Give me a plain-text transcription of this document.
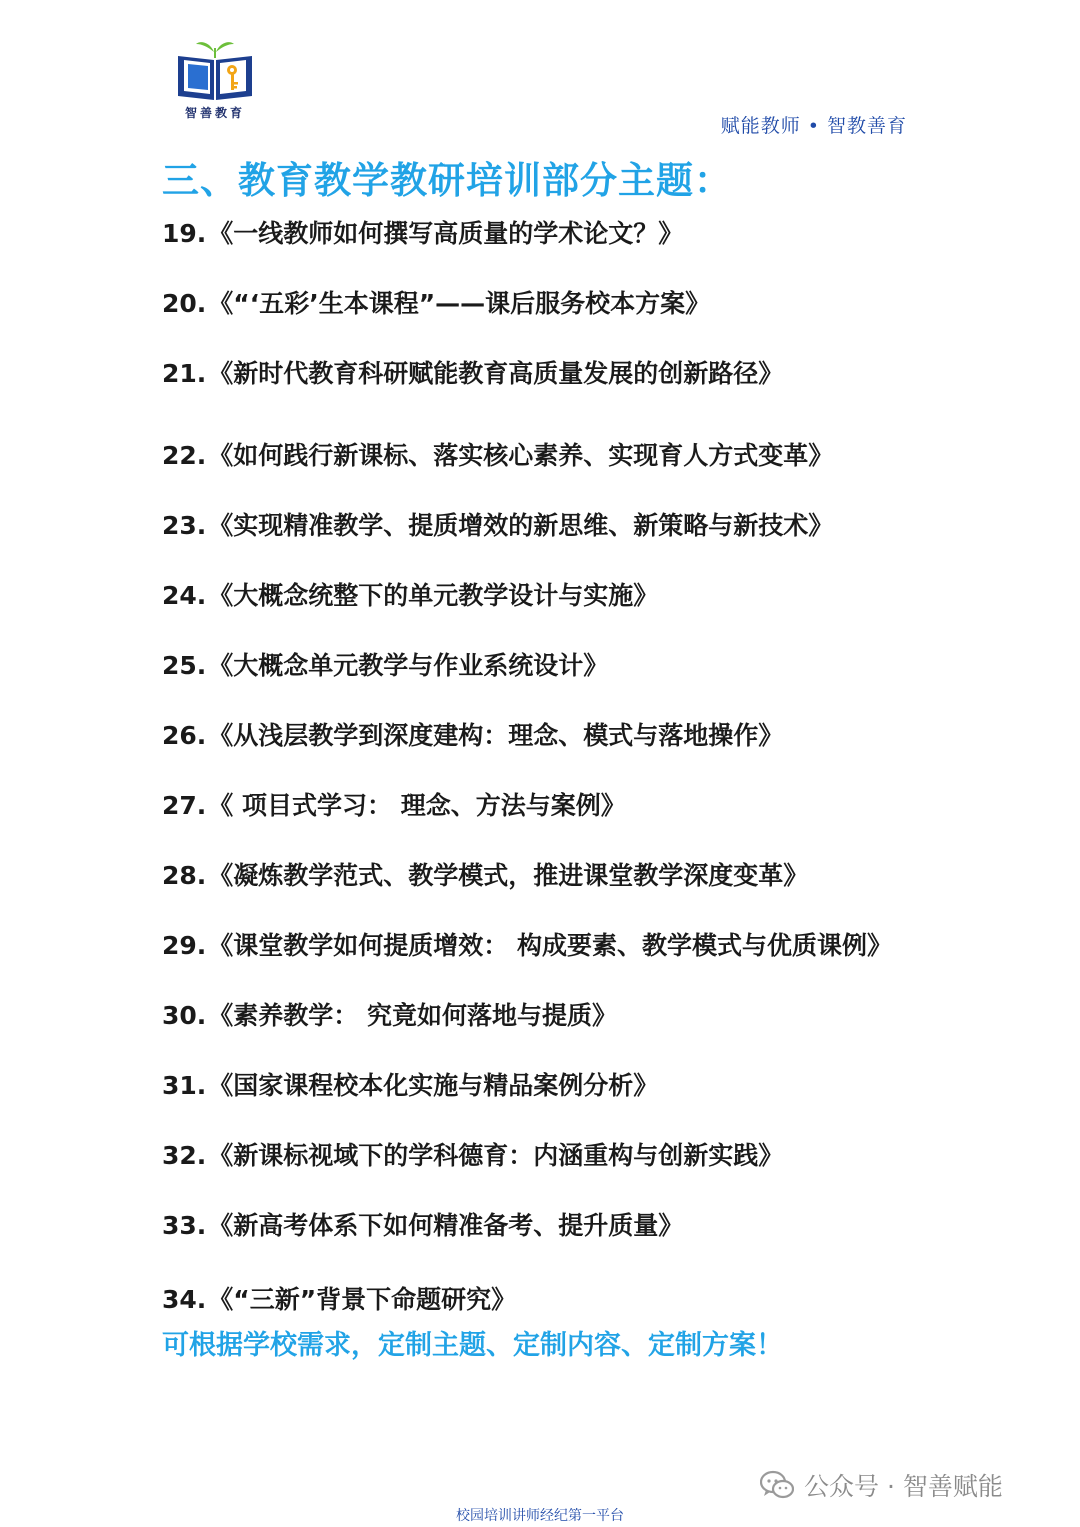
智善教育
赋能教师 • 智教善育
三、教育教学教研培训部分主题：
19.《一线教师如何撰写高质量的学术论文？》
20.《“‘五彩’生本课程”——课后服务校本方案》
21.《新时代教育科研赋能教育高质量发展的创新路径》
22.《如何践行新课标、落实核心素养、实现育人方式变革》
23.《实现精准教学、提质增效的新思维、新策略与新技术》
24.《大概念统整下的单元教学设计与实施》
25.《大概念单元教学与作业系统设计》
26.《从浅层教学到深度建构：理念、模式与落地操作》
27.《 项目式学习： 理念、方法与案例》
28.《凝炼教学范式、教学模式，推进课堂教学深度变革》
29.《课堂教学如何提质增效： 构成要素、教学模式与优质课例》
30.《素养教学： 究竟如何落地与提质》
31.《国家课程校本化实施与精品案例分析》
32.《新课标视域下的学科德育：内涵重构与创新实践》
33.《新高考体系下如何精准备考、提升质量》
34.《“三新”背景下命题研究》
可根据学校需求，定制主题、定制内容、定制方案！
公众号 · 智善赋能
校园培训讲师经纪第一平台
